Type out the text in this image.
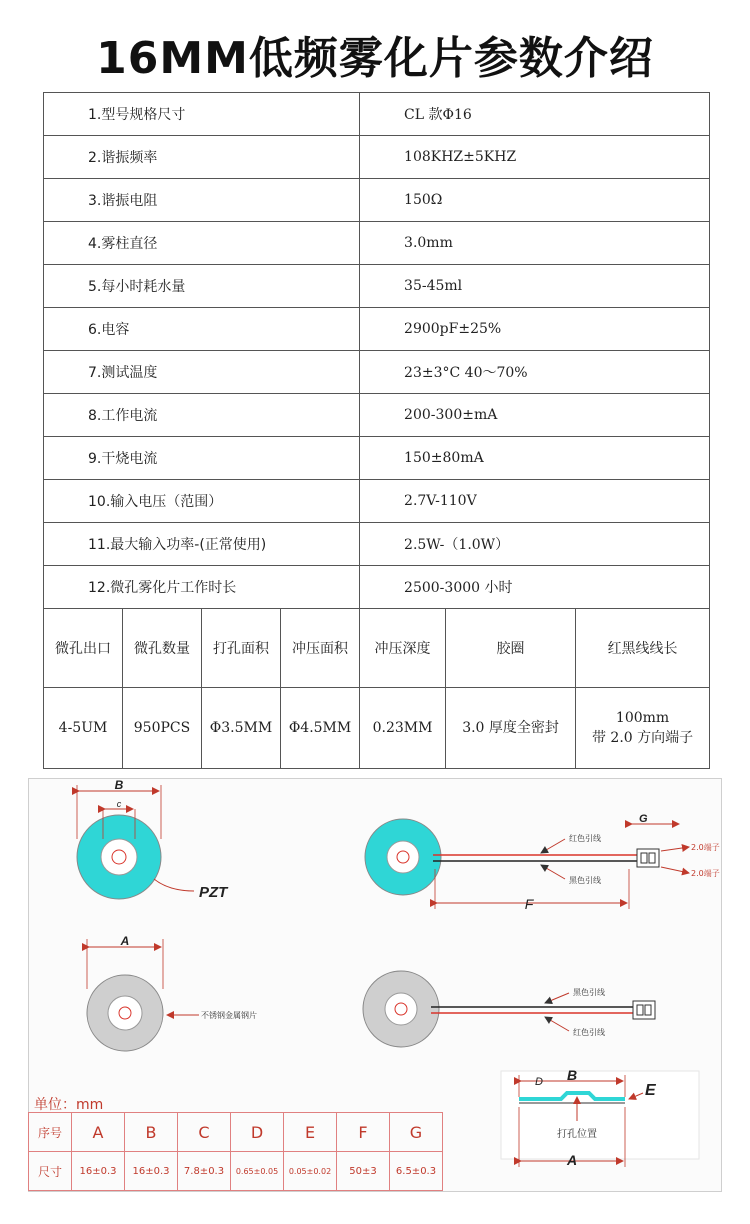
16MM低频雾化片参数介绍
1.型号规格尺寸				CL 款Φ16		
2.谐振频率				108KHZ±5KHZ		
3.谐振电阻				150Ω		
4.雾柱直径				3.0mm		
5.每小时耗水量				35-45ml		
6.电容				2900pF±25%		
7.测试温度				23±3°C 40～70%		
8.工作电流				200-300±mA		
9.干烧电流				150±80mA		
10.输入电压（范围）				2.7V-110V		
11.最大输入功率-(正常使用)				2.5W-（1.0W）		
12.微孔雾化片工作时长				2500-3000 小时		
微孔出口	微孔数量	打孔面积	冲压面积	冲压深度	胶圈	红黑线线长
4-5UM	950PCS	Φ3.5MM	Φ4.5MM	0.23MM	3.0 厚度全密封	100mm
带 2.0 方向端子
B
c
PZT
G
2.0端子
2.0端子
红色引线
黑色引线
F
A
不锈钢金属钢片
黑色引线
红色引线
B
D	E
打孔位置
A
单位：mm
序号	A	B	C	D	E	F	G
尺寸	16±0.3	16±0.3	7.8±0.3	0.65±0.05	0.05±0.02	50±3	6.5±0.3
